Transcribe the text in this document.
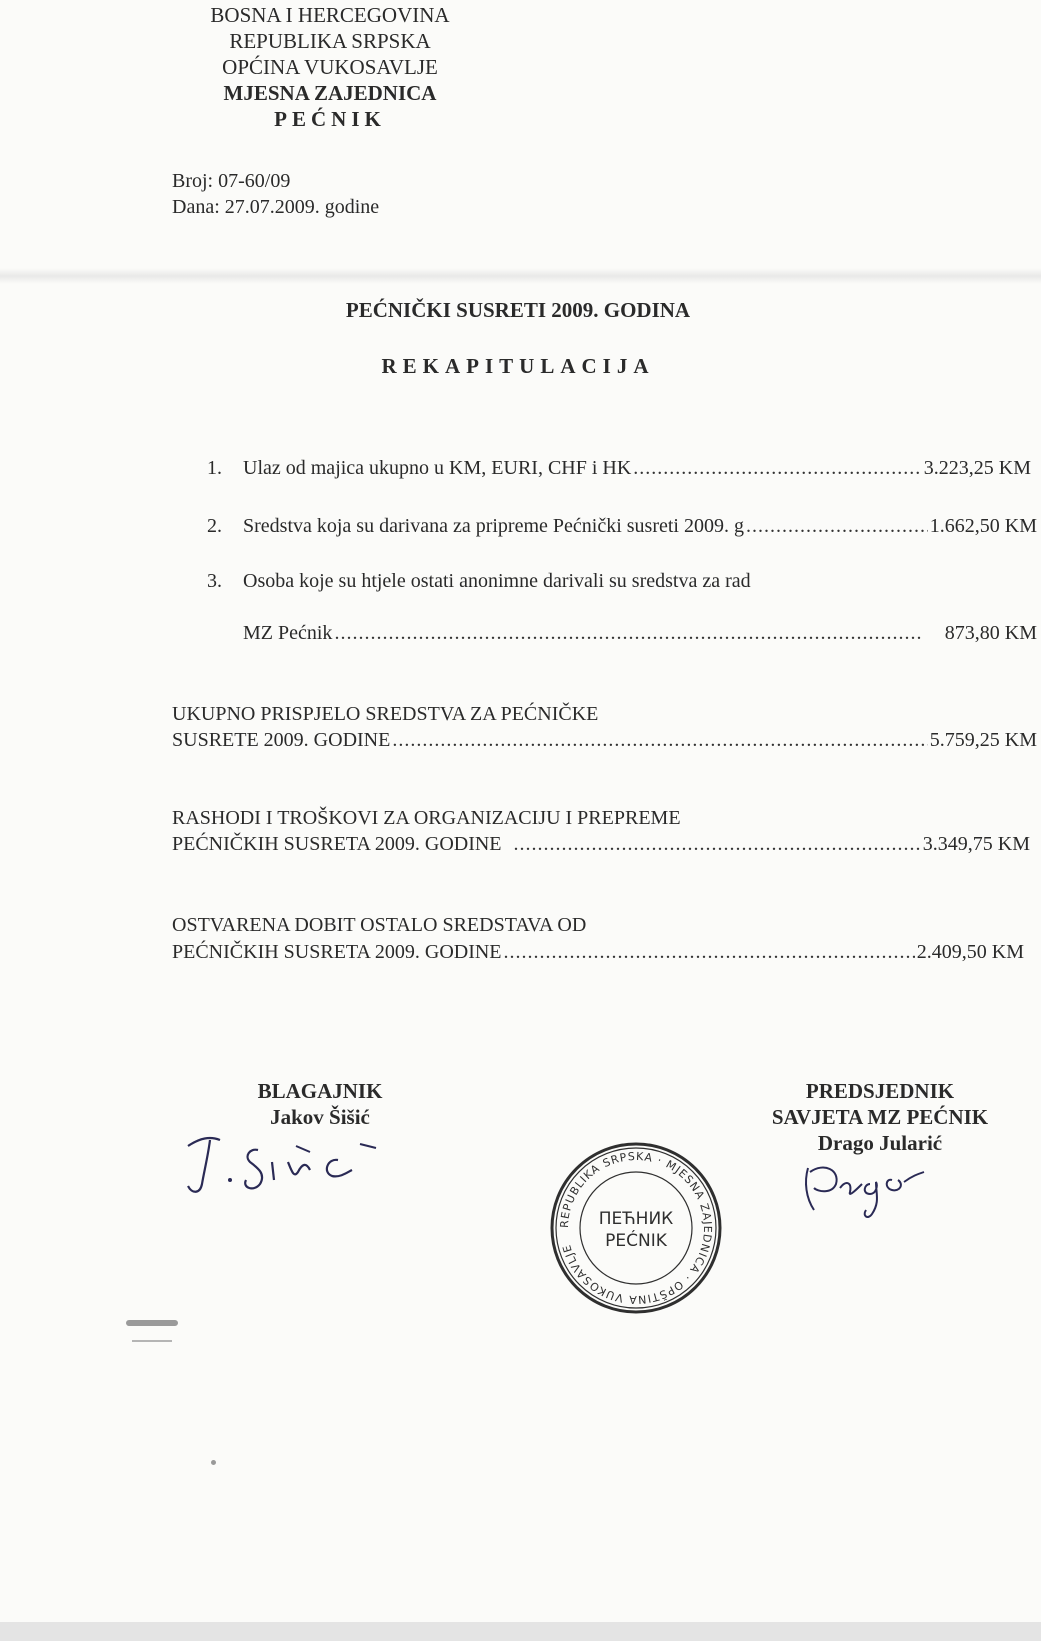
BOSNA I HERCEGOVINA
REPUBLIKA SRPSKA
OPĆINA VUKOSAVLJE
MJESNA ZAJEDNICA
PEĆNIK
Broj: 07-60/09
Dana: 27.07.2009. godine
PEĆNIČKI SUSRETI 2009. GODINA
REKAPITULACIJA
1. Ulaz od majica ukupno u KM, EURI, CHF i HK .....	3.223,25 KM
2. Sredstva koja su darivana za pripreme Pećnički susreti 2009. g .....	1.662,50 KM
3. Osoba koje su htjele ostati anonimne darivali su sredstva za rad
MZ Pećnik .....	873,80 KM
UKUPNO PRISPJELO SREDSTVA ZA PEĆNIČKE
SUSRETE 2009. GODINE .....	5.759,25 KM
RASHODI I TROŠKOVI ZA ORGANIZACIJU I PREPREME
PEĆNIČKIH SUSRETA 2009. GODINE .....	3.349,75 KM
OSTVARENA DOBIT OSTALO SREDSTAVA OD
PEĆNIČKIH SUSRETA 2009. GODINE .....	2.409,50 KM
BLAGAJNIK
Jakov Šišić
REPUBLIKA SRPSKA · MJESNA ZAJEDNICA · OPŠTINA VUKOSAVLJE
ПЕЋНИК
PEĆNIK
PREDSJEDNIK
SAVJETA MZ PEĆNIK
Drago Jularić
